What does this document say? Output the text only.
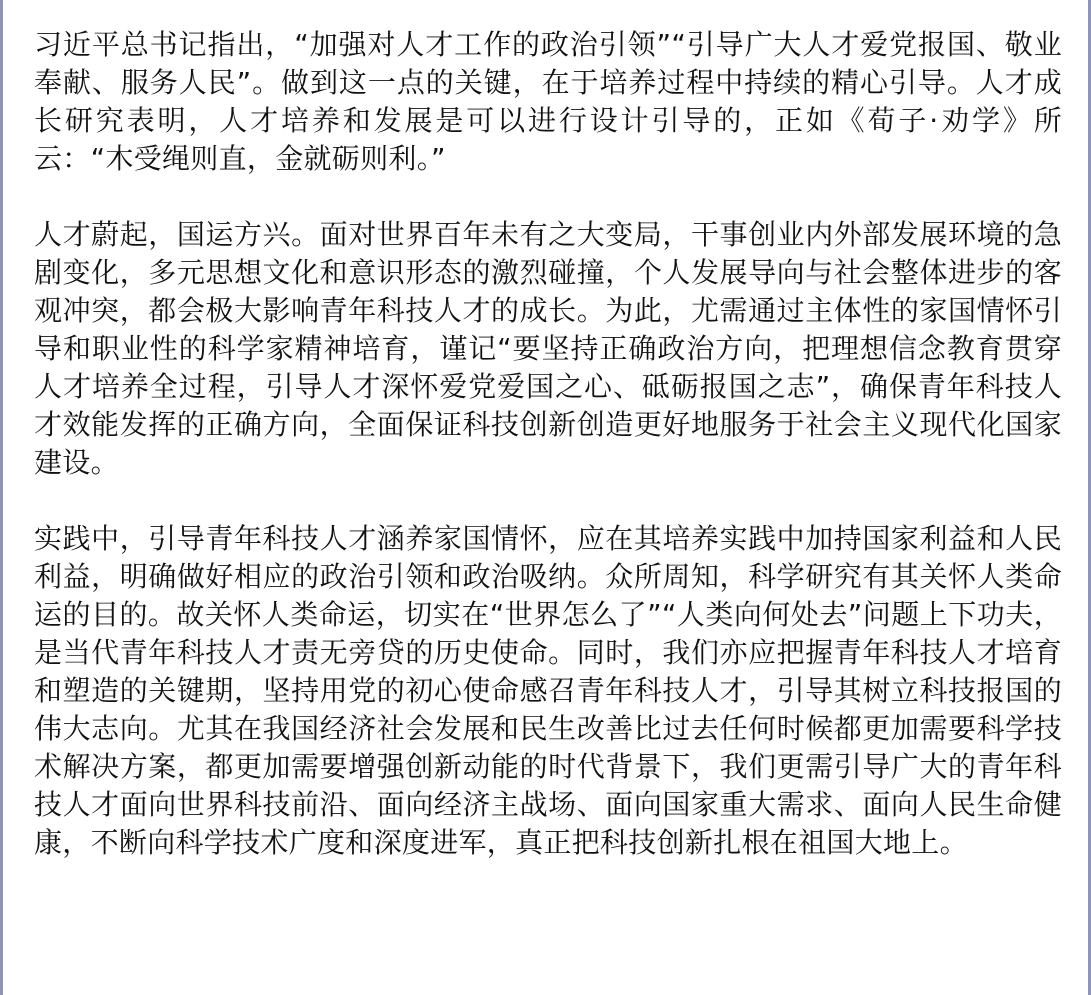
习近平总书记指出，“加强对人才工作的政治引领”“引导广大人才爱党报国、敬业奉献、服务人民”。做到这一点的关键，在于培养过程中持续的精心引导。人才成长研究表明，人才培养和发展是可以进行设计引导的，正如《荀子·劝学》所云：“木受绳则直，金就砺则利。”

人才蔚起，国运方兴。面对世界百年未有之大变局，干事创业内外部发展环境的急剧变化，多元思想文化和意识形态的激烈碰撞，个人发展导向与社会整体进步的客观冲突，都会极大影响青年科技人才的成长。为此，尤需通过主体性的家国情怀引导和职业性的科学家精神培育，谨记“要坚持正确政治方向，把理想信念教育贯穿人才培养全过程，引导人才深怀爱党爱国之心、砥砺报国之志”，确保青年科技人才效能发挥的正确方向，全面保证科技创新创造更好地服务于社会主义现代化国家建设。

实践中，引导青年科技人才涵养家国情怀，应在其培养实践中加持国家利益和人民利益，明确做好相应的政治引领和政治吸纳。众所周知，科学研究有其关怀人类命运的目的。故关怀人类命运，切实在“世界怎么了”“人类向何处去”问题上下功夫，是当代青年科技人才责无旁贷的历史使命。同时，我们亦应把握青年科技人才培育和塑造的关键期，坚持用党的初心使命感召青年科技人才，引导其树立科技报国的伟大志向。尤其在我国经济社会发展和民生改善比过去任何时候都更加需要科学技术解决方案，都更加需要增强创新动能的时代背景下，我们更需引导广大的青年科技人才面向世界科技前沿、面向经济主战场、面向国家重大需求、面向人民生命健康，不断向科学技术广度和深度进军，真正把科技创新扎根在祖国大地上。
